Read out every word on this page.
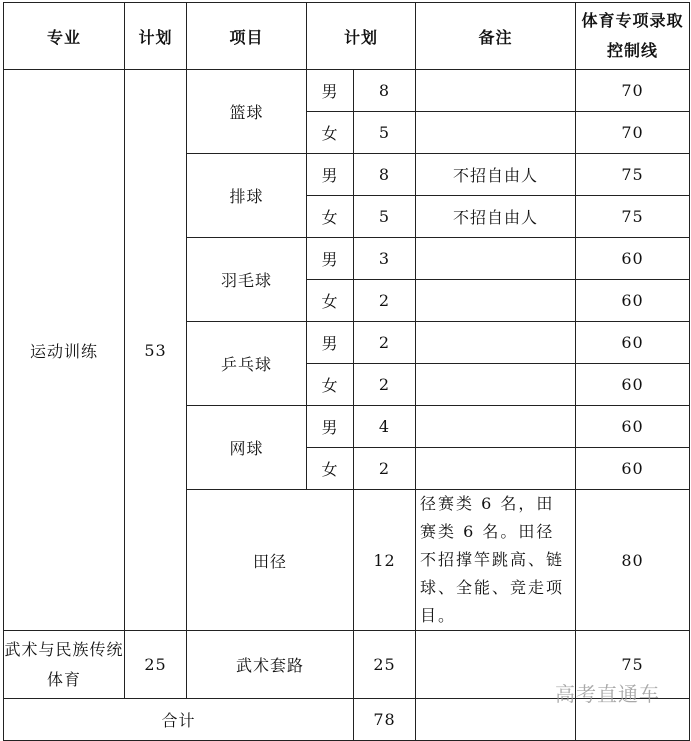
专业	计划	项目	计划		备注	体育专项录取控制线
运动训练	53	篮球	男	8		70
			女	5		70
		排球	男	8	不招自由人	75
			女	5	不招自由人	75
		羽毛球	男	3		60
			女	2		60
		乒乓球	男	2		60
			女	2		60
		网球	男	4		60
			女	2		60
		田径		12	径赛类 6 名，田赛类 6 名。田径不招撑竿跳高、链球、全能、竞走项目。	80
武术与民族传统体育	25	武术套路		25		75
合计				78		
高考直通车
